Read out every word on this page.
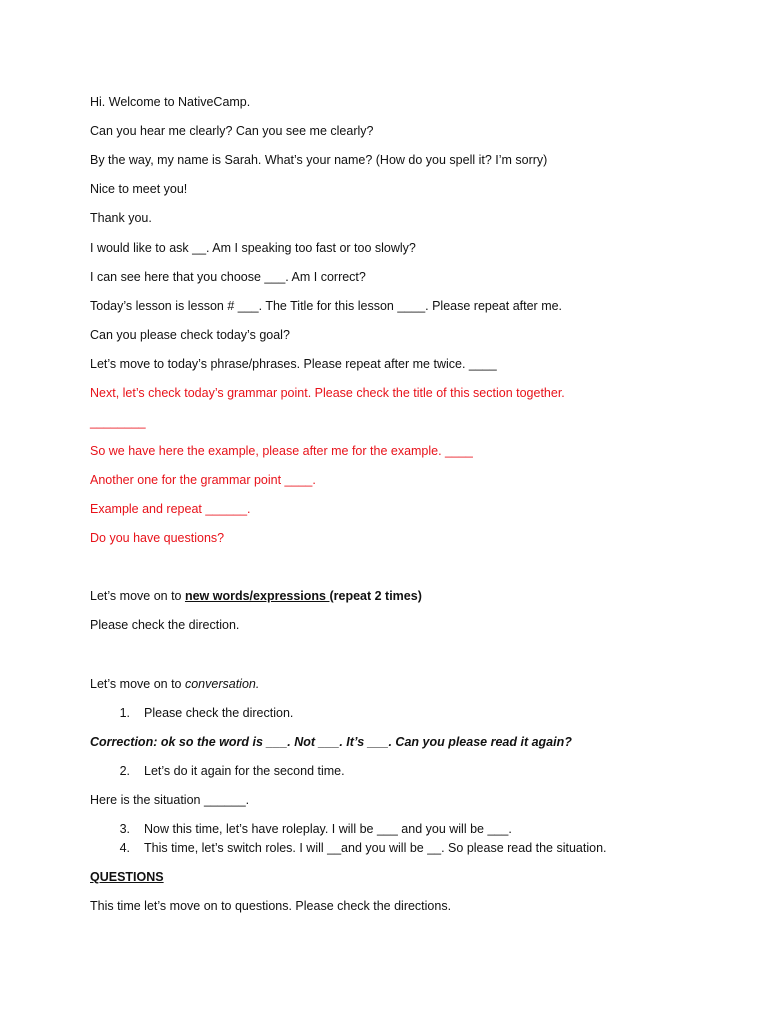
Hi. Welcome to NativeCamp.
Can you hear me clearly? Can you see me clearly?
By the way, my name is Sarah. What’s your name? (How do you spell it? I’m sorry)
Nice to meet you!
Thank you.
I would like to ask __. Am I speaking too fast or too slowly?
I can see here that you choose ___. Am I correct?
Today’s lesson is lesson # ___. The Title for this lesson ____. Please repeat after me.
Can you please check today’s goal?
Let’s move to today’s phrase/phrases. Please repeat after me twice. ____
Next, let’s check today’s grammar point. Please check the title of this section together.
________
So we have here the example, please after me for the example. ____
Another one for the grammar point ____.
Example and repeat ______.
Do you have questions?
Let’s move on to new words/expressions (repeat 2 times)
Please check the direction.
Let’s move on to conversation.
1. Please check the direction.
Correction: ok so the word is ___. Not ___. It’s ___. Can you please read it again?
2. Let’s do it again for the second time.
Here is the situation ______.
3. Now this time, let’s have roleplay. I will be ___ and you will be ___.
4. This time, let’s switch roles. I will __and you will be __. So please read the situation.
QUESTIONS
This time let’s move on to questions. Please check the directions.
